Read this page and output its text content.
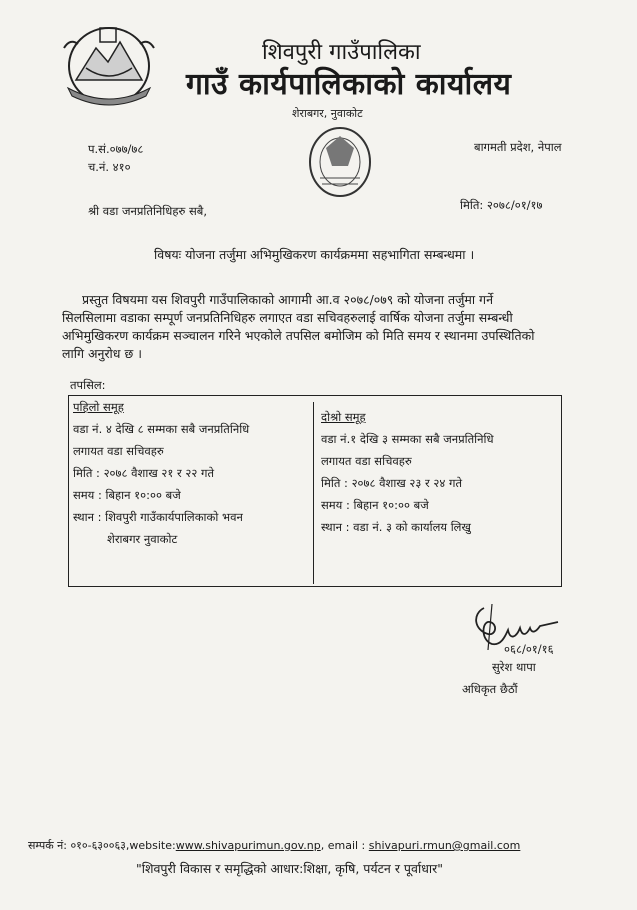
शिवपुरी गाउँपालिका
गाउँ कार्यपालिकाको कार्यालय
शेराबगर, नुवाकोट
प.सं.०७७/७८
च.नं. ४१०
बागमती प्रदेश, नेपाल
श्री वडा जनप्रतिनिधिहरु सबै,	मिति: २०७८/०१/१७
विषयः योजना तर्जुमा अभिमुखिकरण कार्यक्रममा सहभागिता सम्बन्धमा ।
प्रस्तुत विषयमा यस शिवपुरी गाउँपालिकाको आगामी आ.व २०७८/०७९ को योजना तर्जुमा गर्ने
सिलसिलामा वडाका सम्पूर्ण जनप्रतिनिधिहरु लगाएत वडा सचिवहरुलाई वार्षिक योजना तर्जुमा सम्बन्धी
अभिमुखिकरण कार्यक्रम सञ्चालन गरिने भएकोले तपसिल बमोजिम को मिति समय र स्थानमा उपस्थितिको
लागि अनुरोध छ ।
तपसिल:
पहिलो समूह
वडा नं. ४ देखि ८ सम्मका सबै जनप्रतिनिधि
लगायत वडा सचिवहरु
मिति : २०७८ वैशाख २१ र २२ गते
समय : बिहान १०:०० बजे
स्थान : शिवपुरी गाउँकार्यपालिकाको भवन
शेराबगर नुवाकोट
दोश्रो समूह
वडा नं.१ देखि ३ सम्मका सबै जनप्रतिनिधि
लगायत वडा सचिवहरु
मिति : २०७८ वैशाख २३ र २४ गते
समय : बिहान १०:०० बजे
स्थान : वडा नं. ३ को कार्यालय लिखु
०६८/०१/१६
सुरेश थापा
अधिकृत छैठौं
सम्पर्क नं: ०१०-६३००६३,website:www.shivapurimun.gov.np, email : shivapuri.rmun@gmail.com
"शिवपुरी विकास र समृद्धिको आधार:शिक्षा, कृषि, पर्यटन र पूर्वाधार"
